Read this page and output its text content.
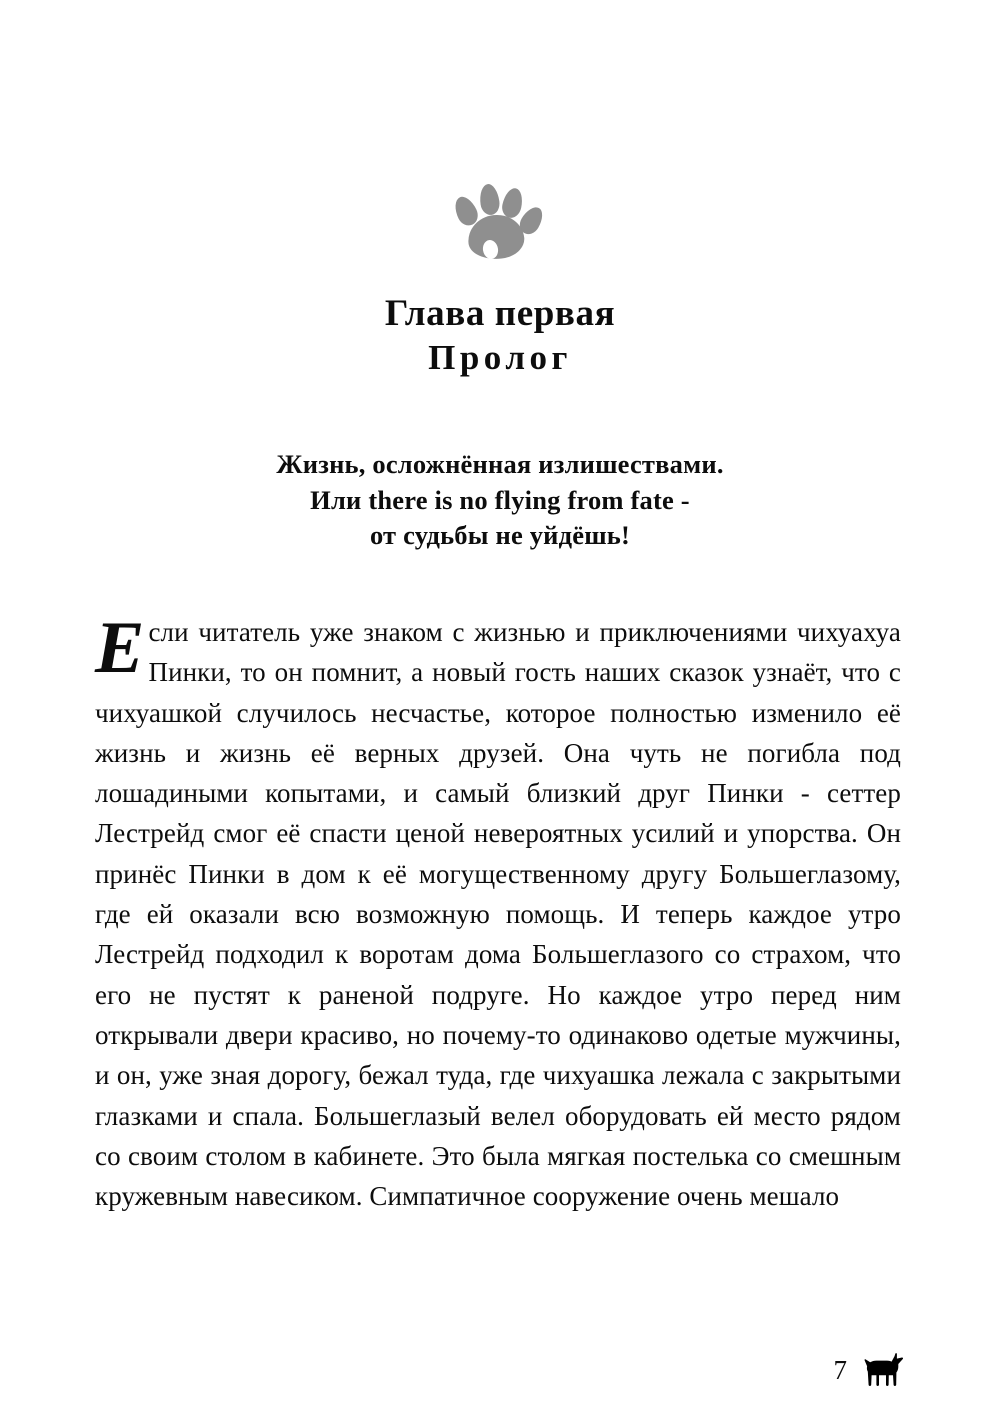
Глава первая
Пролог
Жизнь, осложнённая излишествами.
Или there is no flying from fate -
от судьбы не уйдёшь!

Если читатель уже знаком с жизнью и приключениями чихуахуа Пинки, то он помнит, а новый гость наших сказок узнаёт, что с чихуашкой случилось несчастье, которое полностью изменило её жизнь и жизнь её верных друзей. Она чуть не погибла под лошадиными копытами, и самый близкий друг Пинки - сеттер Лестрейд смог её спасти ценой невероятных усилий и упорства. Он принёс Пинки в дом к её могущественному другу Большеглазому, где ей оказали всю возможную помощь. И теперь каждое утро Лестрейд подходил к воротам дома Большеглазого со страхом, что его не пустят к раненой подруге. Но каждое утро перед ним открывали двери красиво, но почему-то одинаково одетые мужчины, и он, уже зная дорогу, бежал туда, где чихуашка лежала с закрытыми глазками и спала. Большеглазый велел оборудовать ей место рядом со своим столом в кабинете. Это была мягкая постелька со смешным кружевным навесиком. Симпатичное сооружение очень мешало

7
